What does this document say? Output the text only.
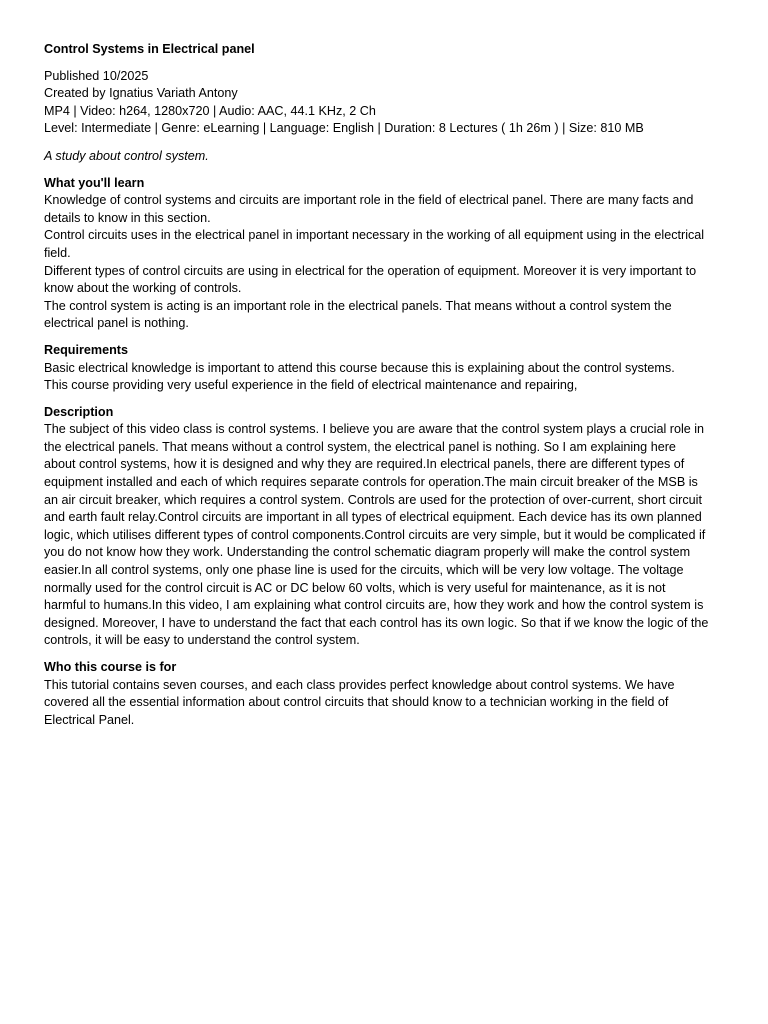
Control Systems in Electrical panel

Published 10/2025

Created by Ignatius Variath Antony

MP4 | Video: h264, 1280x720 | Audio: AAC, 44.1 KHz, 2 Ch

Level: Intermediate | Genre: eLearning | Language: English | Duration: 8 Lectures ( 1h 26m ) | Size: 810 MB

A study about control system.

What you'll learn

Knowledge of control systems and circuits are important role in the field of electrical panel. There are many facts and details to know in this section.

Control circuits uses in the electrical panel in important necessary in the working of all equipment using in the electrical field.

Different types of control circuits are using in electrical for the operation of equipment. Moreover it is very important to know about the working of controls.

The control system is acting is an important role in the electrical panels. That means without a control system the electrical panel is nothing.

Requirements

Basic electrical knowledge is important to attend this course because this is explaining about the control systems.

This course providing very useful experience in the field of electrical maintenance and repairing,

Description

The subject of this video class is control systems. I believe you are aware that the control system plays a crucial role in the electrical panels. That means without a control system, the electrical panel is nothing. So I am explaining here about control systems, how it is designed and why they are required.In electrical panels, there are different types of equipment installed and each of which requires separate controls for operation.The main circuit breaker of the MSB is an air circuit breaker, which requires a control system. Controls are used for the protection of over-current, short circuit and earth fault relay.Control circuits are important in all types of electrical equipment. Each device has its own planned logic, which utilises different types of control components.Control circuits are very simple, but it would be complicated if you do not know how they work. Understanding the control schematic diagram properly will make the control system easier.In all control systems, only one phase line is used for the circuits, which will be very low voltage. The voltage normally used for the control circuit is AC or DC below 60 volts, which is very useful for maintenance, as it is not harmful to humans.In this video, I am explaining what control circuits are, how they work and how the control system is designed. Moreover, I have to understand the fact that each control has its own logic. So that if we know the logic of the controls, it will be easy to understand the control system.

Who this course is for

This tutorial contains seven courses, and each class provides perfect knowledge about control systems. We have covered all the essential information about control circuits that should know to a technician working in the field of Electrical Panel.
